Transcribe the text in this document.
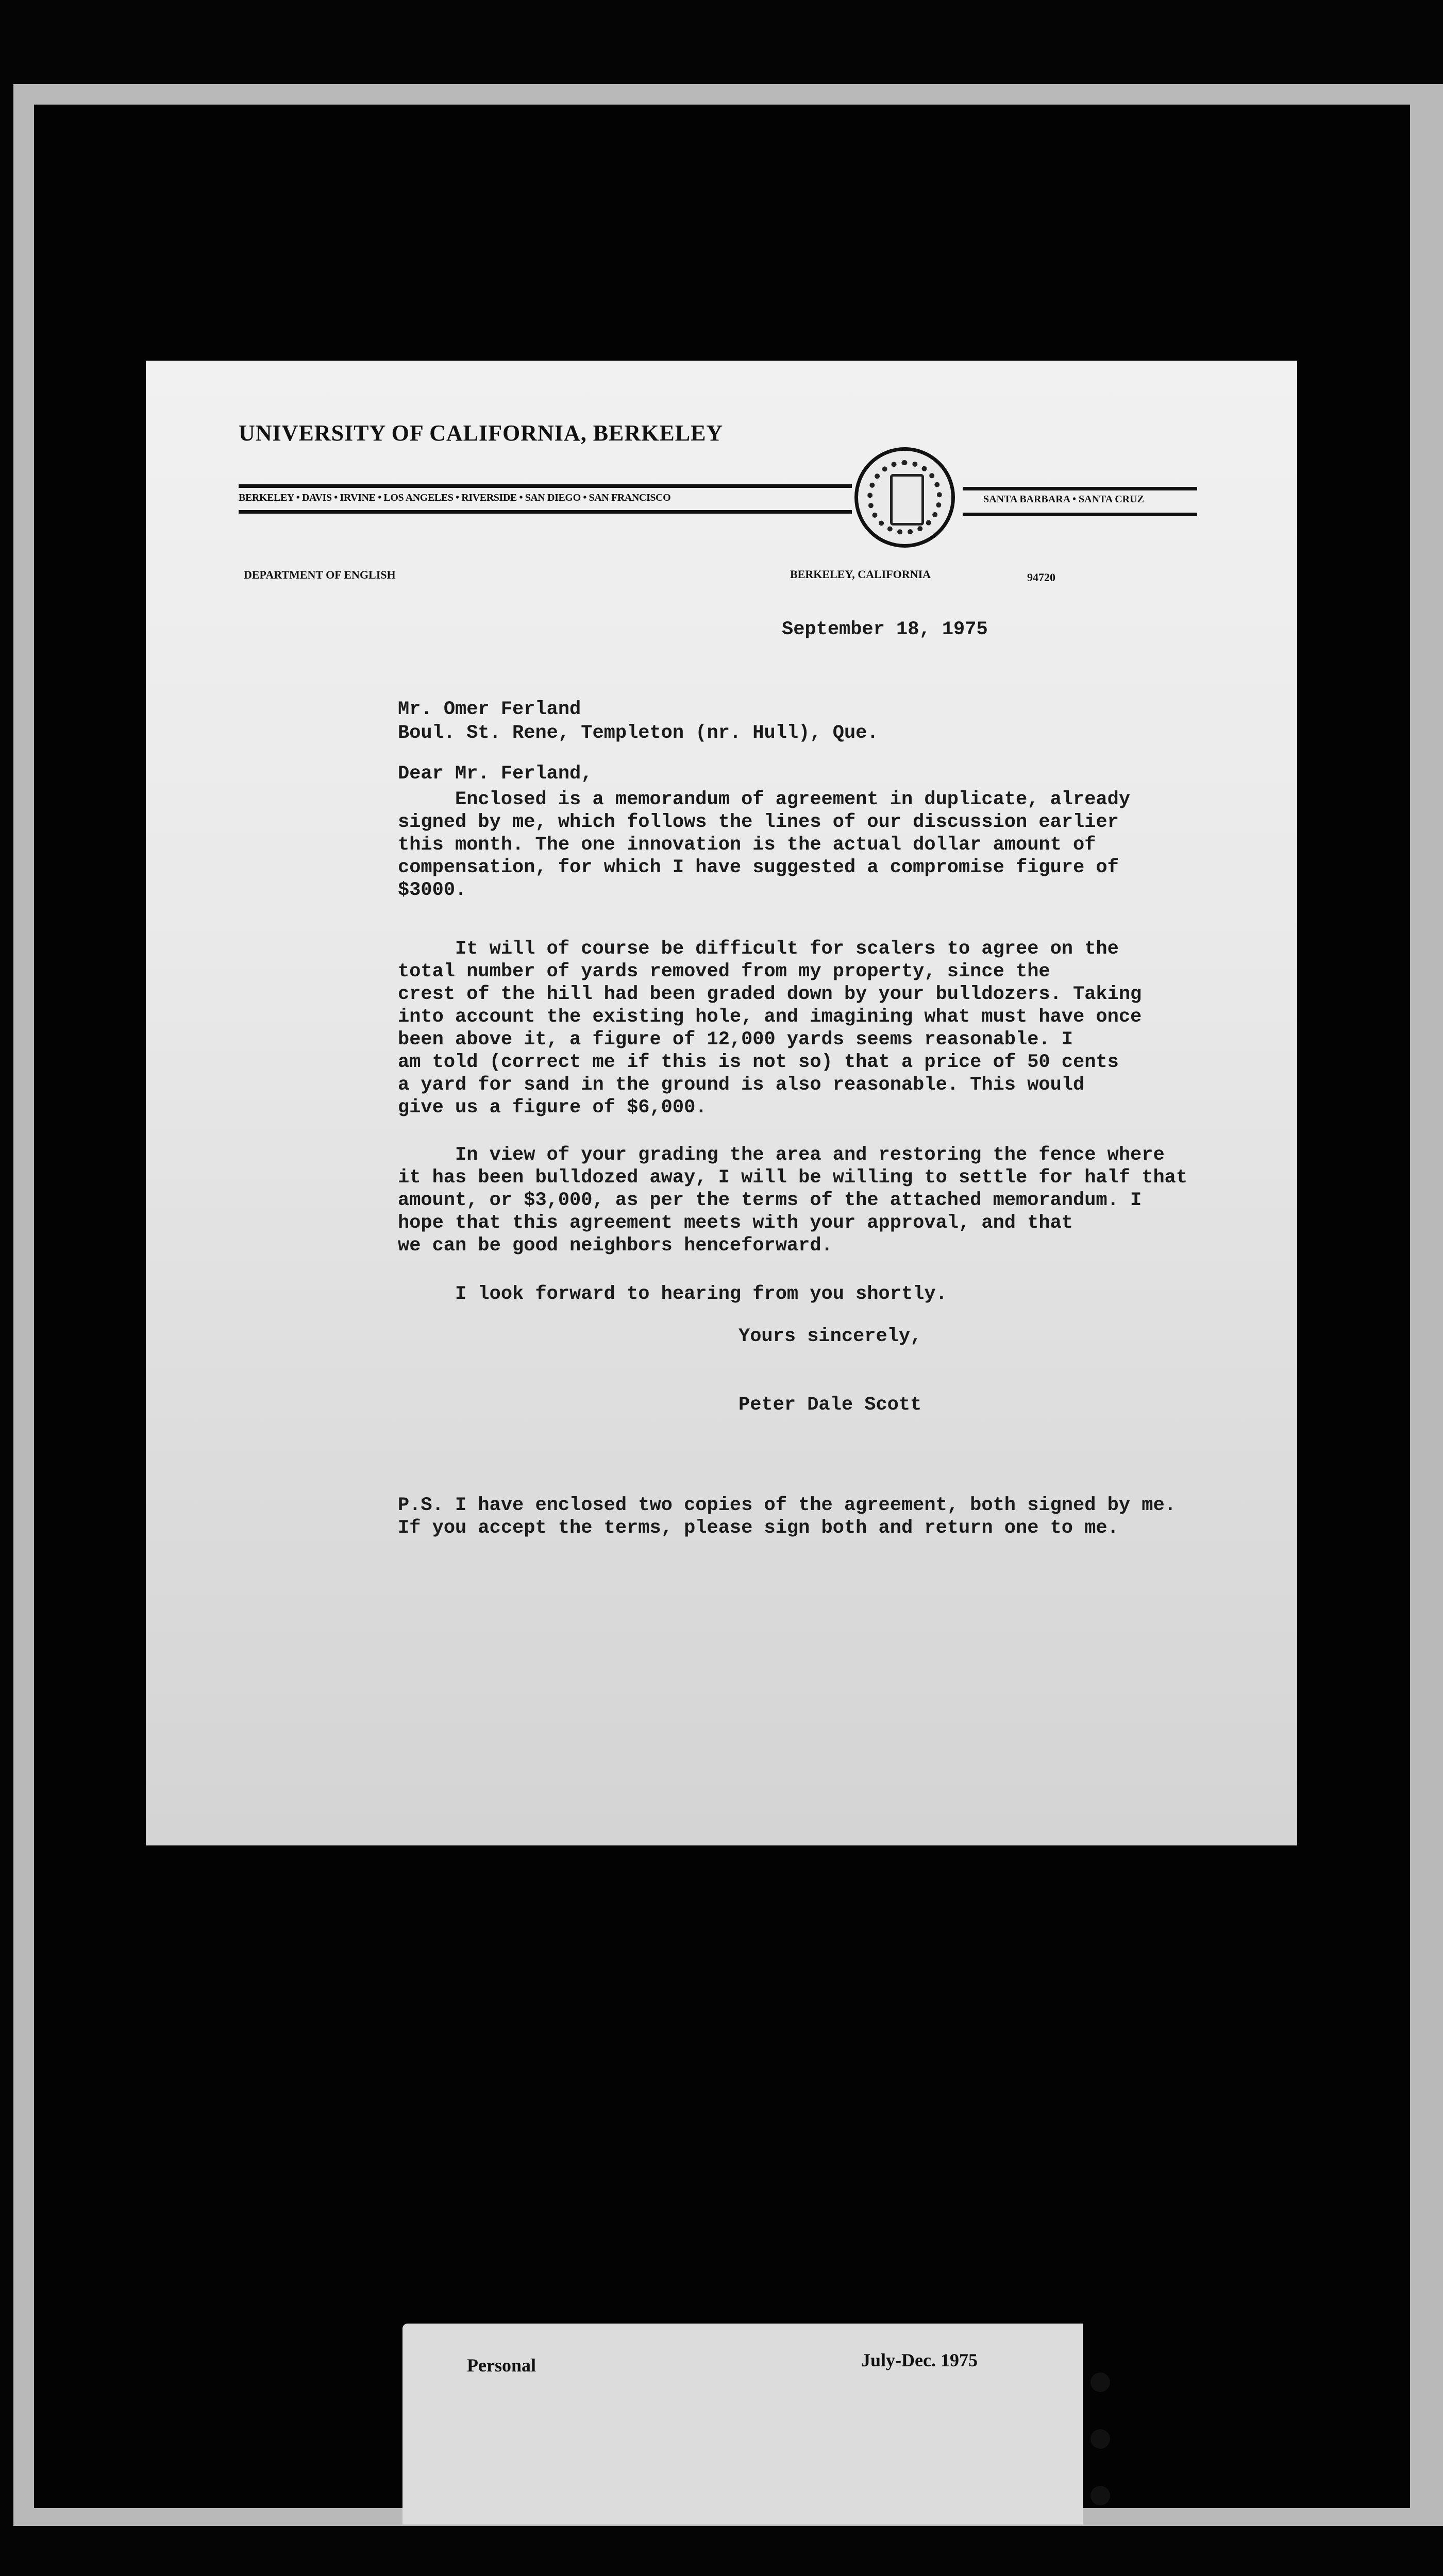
UNIVERSITY OF CALIFORNIA, BERKELEY
BERKELEY • DAVIS • IRVINE • LOS ANGELES • RIVERSIDE • SAN DIEGO • SAN FRANCISCO	SANTA BARBARA • SANTA CRUZ
DEPARTMENT OF ENGLISH	BERKELEY, CALIFORNIA	94720
September 18, 1975
Mr. Omer Ferland
Boul. St. Rene, Templeton (nr. Hull), Que.
Dear Mr. Ferland,
Enclosed is a memorandum of agreement in duplicate, already
signed by me, which follows the lines of our discussion earlier
this month. The one innovation is the actual dollar amount of
compensation, for which I have suggested a compromise figure of
$3000.
It will of course be difficult for scalers to agree on the
total number of yards removed from my property, since the
crest of the hill had been graded down by your bulldozers. Taking
into account the existing hole, and imagining what must have once
been above it, a figure of 12,000 yards seems reasonable. I
am told (correct me if this is not so) that a price of 50 cents
a yard for sand in the ground is also reasonable. This would
give us a figure of $6,000.
In view of your grading the area and restoring the fence where
it has been bulldozed away, I will be willing to settle for half that
amount, or $3,000, as per the terms of the attached memorandum. I
hope that this agreement meets with your approval, and that
we can be good neighbors henceforward.
I look forward to hearing from you shortly.
Yours sincerely,
Peter Dale Scott
P.S. I have enclosed two copies of the agreement, both signed by me.
If you accept the terms, please sign both and return one to me.
Personal	July-Dec. 1975
